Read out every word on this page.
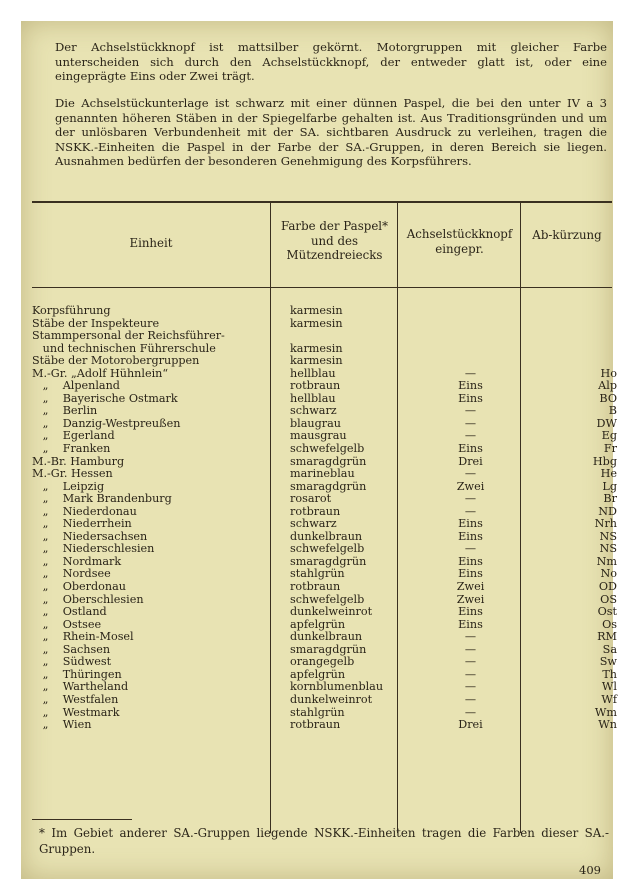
Der Achselstückknopf ist mattsilber gekörnt. Motorgruppen mit gleicher Farbe unterscheiden sich durch den Achselstückknopf, der entweder glatt ist, oder eine eingeprägte Eins oder Zwei trägt.
Die Achselstückunterlage ist schwarz mit einer dünnen Paspel, die bei den unter IV a 3 genannten höheren Stäben in der Spiegelfarbe gehalten ist. Aus Traditionsgründen und um der unlösbaren Verbundenheit mit der SA. sichtbaren Ausdruck zu verleihen, tragen die NSKK.-Einheiten die Paspel in der Farbe der SA.-Gruppen, in deren Bereich sie liegen. Ausnahmen bedürfen der besonderen Genehmigung des Korpsführers.
Einheit
Farbe der Paspel* und des Mützendreiecks
Achselstückknopf eingepr.
Ab-kürzung
Korpsführung	karmesin
Stäbe der Inspekteure	karmesin
Stammpersonal der Reichsführer-
und technischen Führerschule	karmesin
Stäbe der Motorobergruppen	karmesin
M.-Gr. „Adolf Hühnlein“	hellblau	—	Ho
„    Alpenland	rotbraun	Eins	Alp
„    Bayerische Ostmark	hellblau	Eins	BO
„    Berlin	schwarz	—	B
„    Danzig-Westpreußen	blaugrau	—	DW
„    Egerland	mausgrau	—	Eg
„    Franken	schwefelgelb	Eins	Fr
M.-Br. Hamburg	smaragdgrün	Drei	Hbg
M.-Gr. Hessen	marineblau	—	He
„    Leipzig	smaragdgrün	Zwei	Lg
„    Mark Brandenburg	rosarot	—	Br
„    Niederdonau	rotbraun	—	ND
„    Niederrhein	schwarz	Eins	Nrh
„    Niedersachsen	dunkelbraun	Eins	NS
„    Niederschlesien	schwefelgelb	—	NS
„    Nordmark	smaragdgrün	Eins	Nm
„    Nordsee	stahlgrün	Eins	No
„    Oberdonau	rotbraun	Zwei	OD
„    Oberschlesien	schwefelgelb	Zwei	OS
„    Ostland	dunkelweinrot	Eins	Ost
„    Ostsee	apfelgrün	Eins	Os
„    Rhein-Mosel	dunkelbraun	—	RM
„    Sachsen	smaragdgrün	—	Sa
„    Südwest	orangegelb	—	Sw
„    Thüringen	apfelgrün	—	Th
„    Wartheland	kornblumenblau	—	Wl
„    Westfalen	dunkelweinrot	—	Wf
„    Westmark	stahlgrün	—	Wm
„    Wien	rotbraun	Drei	Wn
* Im Gebiet anderer SA.-Gruppen liegende NSKK.-Einheiten tragen die Farben dieser SA.-Gruppen.
409
